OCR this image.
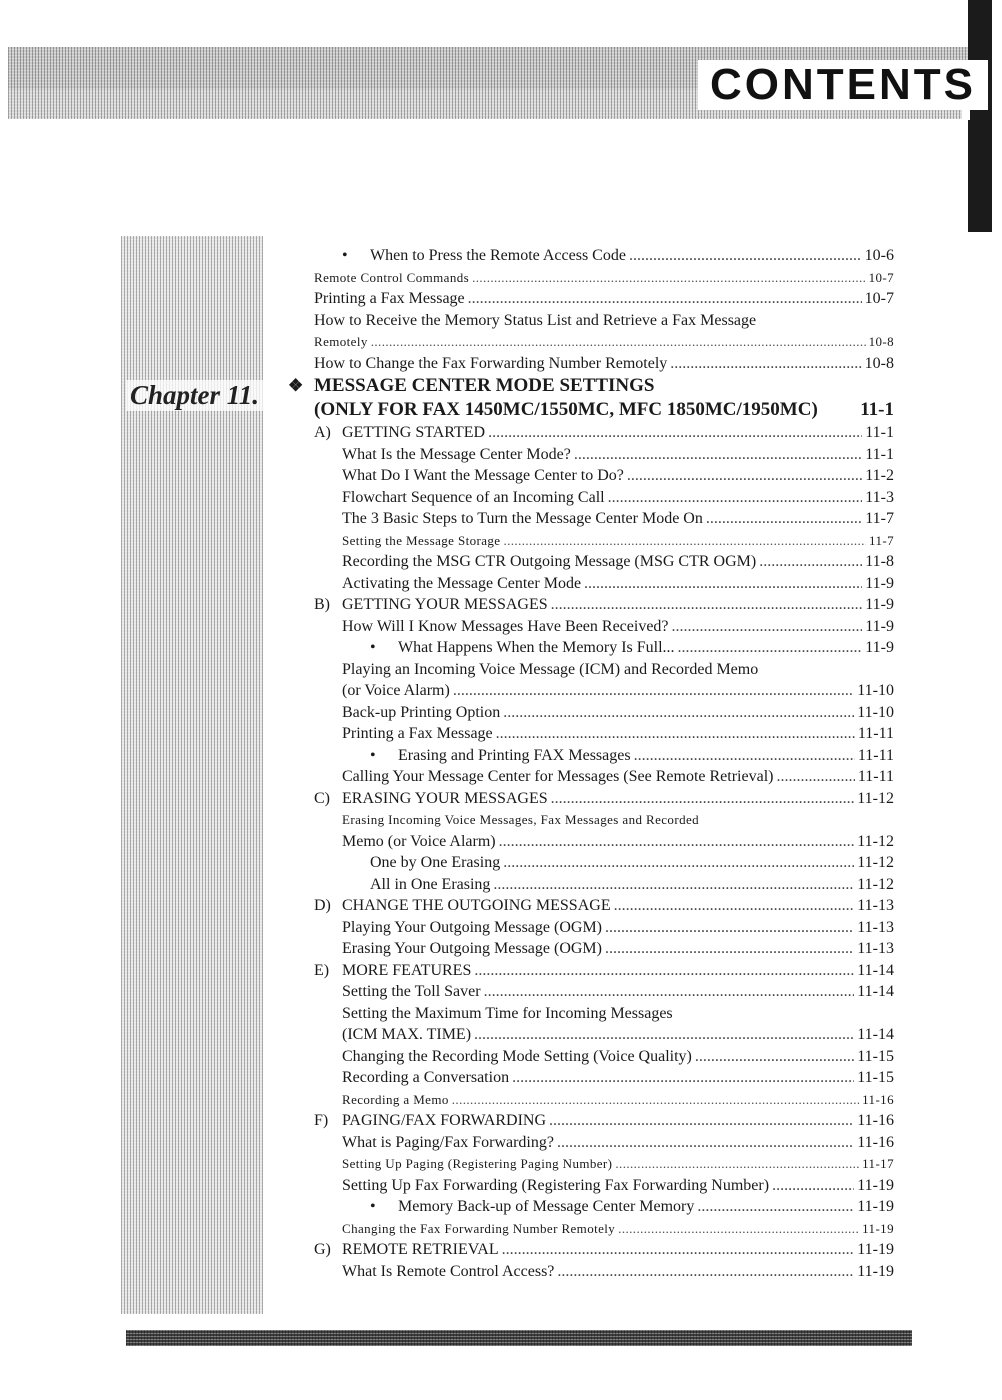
CONTENTS
Chapter 11.
•	When to Press the Remote Access Code .....	10-6
Remote Control Commands .....	10-7
Printing a Fax Message .....	10-7
How to Receive the Memory Status List and Retrieve a Fax Message
Remotely .....	10-8
How to Change the Fax Forwarding Number Remotely .....	10-8
❖ MESSAGE CENTER MODE SETTINGS
(ONLY FOR FAX 1450MC/1550MC, MFC 1850MC/1950MC) 11-1
A) GETTING STARTED .....	11-1
What Is the Message Center Mode? .....	11-1
What Do I Want the Message Center to Do? .....	11-2
Flowchart Sequence of an Incoming Call .....	11-3
The 3 Basic Steps to Turn the Message Center Mode On .....	11-7
Setting the Message Storage .....	11-7
Recording the MSG CTR Outgoing Message (MSG CTR OGM) .....	11-8
Activating the Message Center Mode .....	11-9
B) GETTING YOUR MESSAGES .....	11-9
How Will I Know Messages Have Been Received? .....	11-9
•	What Happens When the Memory Is Full... .....	11-9
Playing an Incoming Voice Message (ICM) and Recorded Memo
(or Voice Alarm) .....	11-10
Back-up Printing Option .....	11-10
Printing a Fax Message .....	11-11
•	Erasing and Printing FAX Messages .....	11-11
Calling Your Message Center for Messages (See Remote Retrieval) .....	11-11
C) ERASING YOUR MESSAGES .....	11-12
Erasing Incoming Voice Messages, Fax Messages and Recorded
Memo (or Voice Alarm) .....	11-12
One by One Erasing .....	11-12
All in One Erasing .....	11-12
D) CHANGE THE OUTGOING MESSAGE .....	11-13
Playing Your Outgoing Message (OGM) .....	11-13
Erasing Your Outgoing Message (OGM) .....	11-13
E) MORE FEATURES .....	11-14
Setting the Toll Saver .....	11-14
Setting the Maximum Time for Incoming Messages
(ICM MAX. TIME) .....	11-14
Changing the Recording Mode Setting (Voice Quality) .....	11-15
Recording a Conversation .....	11-15
Recording a Memo .....	11-16
F) PAGING/FAX FORWARDING .....	11-16
What is Paging/Fax Forwarding? .....	11-16
Setting Up Paging (Registering Paging Number) .....	11-17
Setting Up Fax Forwarding (Registering Fax Forwarding Number) .....	11-19
•	Memory Back-up of Message Center Memory .....	11-19
Changing the Fax Forwarding Number Remotely .....	11-19
G) REMOTE RETRIEVAL .....	11-19
What Is Remote Control Access? .....	11-19
